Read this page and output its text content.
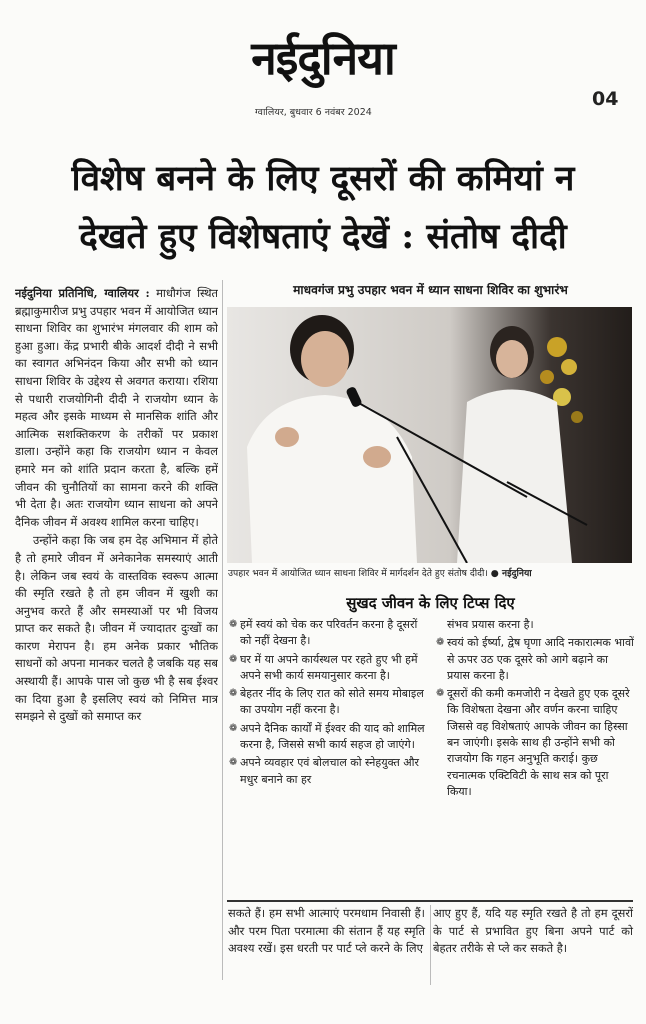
नईदुनिया
ग्वालियर, बुधवार 6 नवंबर 2024
04
विशेष बनने के लिए दूसरों की कमियां न
देखते हुए विशेषताएं देखें : संतोष दीदी

नईदुनिया प्रतिनिधि, ग्वालियर : माधौगंज स्थित ब्रह्माकुमारीज प्रभु उपहार भवन में आयोजित ध्यान साधना शिविर का शुभारंभ मंगलवार की शाम को हुआ हुआ। केंद्र प्रभारी बीके आदर्श दीदी ने सभी का स्वागत अभिनंदन किया और सभी को ध्यान साधना शिविर के उद्देश्य से अवगत कराया। रशिया से पधारी राजयोगिनी दीदी ने राजयोग ध्यान के महत्व और इसके माध्यम से मानसिक शांति और आत्मिक सशक्तिकरण के तरीकों पर प्रकाश डाला। उन्होंने कहा कि राजयोग ध्यान न केवल हमारे मन को शांति प्रदान करता है, बल्कि हमें जीवन की चुनौतियों का सामना करने की शक्ति भी देता है। अतः राजयोग ध्यान साधना को अपने दैनिक जीवन में अवश्य शामिल करना चाहिए।

उन्होंने कहा कि जब हम देह अभिमान में होते है तो हमारे जीवन में अनेकानेक समस्याएं आती है। लेकिन जब स्वयं के वास्तविक स्वरूप आत्मा की स्मृति रखते है तो हम जीवन में खुशी का अनुभव करते हैं और समस्याओं पर भी विजय प्राप्त कर सकते है। जीवन में ज्यादातर दुःखों का कारण मेरापन है। हम अनेक प्रकार भौतिक साधनों को अपना मानकर चलते है जबकि यह सब अस्थायी हैं। आपके पास जो कुछ भी है सब ईश्वर का दिया हुआ है इसलिए स्वयं को निमित्त मात्र समझने से दुखों को समाप्त कर

माधवगंज प्रभु उपहार भवन में ध्यान साधना शिविर का शुभारंभ
उपहार भवन में आयोजित ध्यान साधना शिविर में मार्गदर्शन देते हुए संतोष दीदी। ● नईदुनिया
सुखद जीवन के लिए टिप्स दिए
❁ हमें स्वयं को चेक कर परिवर्तन करना है दूसरों को नहीं देखना है।
❁ घर में या अपने कार्यस्थल पर रहते हुए भी हमें अपने सभी कार्य समयानुसार करना है।
❁ बेहतर नींद के लिए रात को सोते समय मोबाइल का उपयोग नहीं करना है।
❁ अपने दैनिक कार्यों में ईश्वर की याद को शामिल करना है, जिससे सभी कार्य सहज हो जाएंगे।
❁ अपने व्यवहार एवं बोलचाल को स्नेहयुक्त और मधुर बनाने का हर
संभव प्रयास करना है।
❁ स्वयं को ईर्ष्या, द्वेष घृणा आदि नकारात्मक भावों से ऊपर उठ एक दूसरे को आगे बढ़ाने का प्रयास करना है।
❁ दूसरों की कमी कमजोरी न देखते हुए एक दूसरे कि विशेषता देखना और वर्णन करना चाहिए जिससे वह विशेषताएं आपके जीवन का हिस्सा बन जाएंगी। इसके साथ ही उन्होंने सभी को राजयोग कि गहन अनुभूति कराई। कुछ रचनात्मक एक्टिविटी के साथ सत्र को पूरा किया।
सकते हैं। हम सभी आत्माएं परमधाम निवासी हैं। और परम पिता परमात्मा की संतान हैं यह स्मृति अवश्य रखें। इस धरती पर पार्ट प्ले करने के लिए
आए हुए हैं, यदि यह स्मृति रखते है तो हम दूसरों के पार्ट से प्रभावित हुए बिना अपने पार्ट को बेहतर तरीके से प्ले कर सकते है।
